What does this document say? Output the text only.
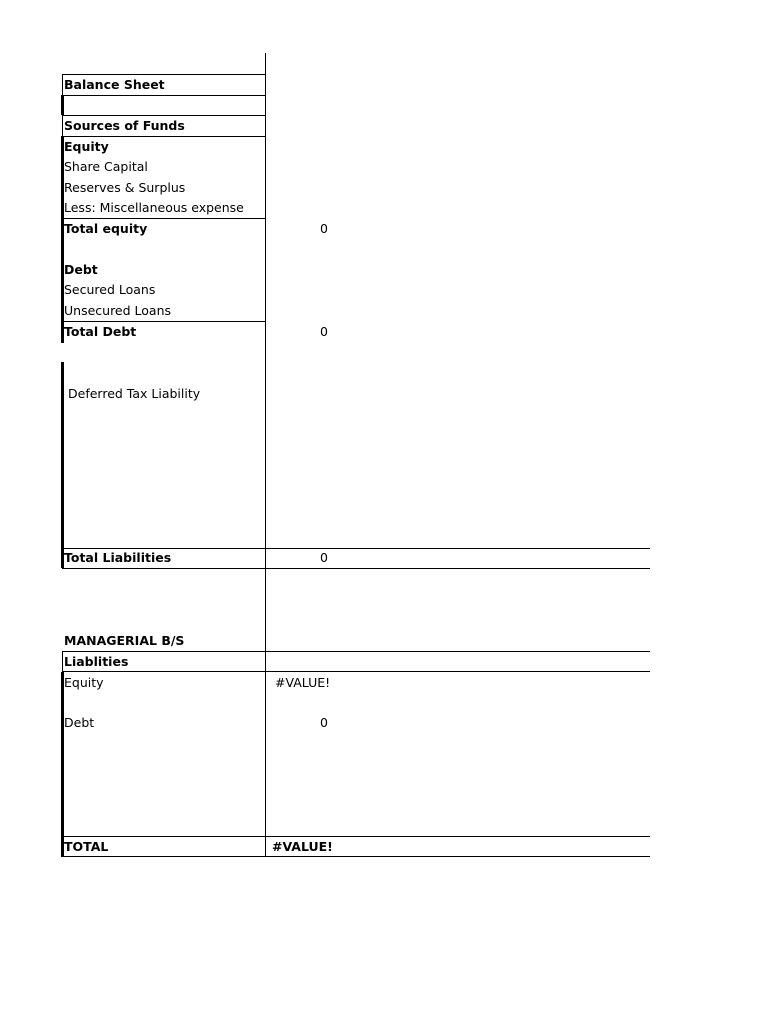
Balance Sheet
Sources of Funds
Equity
Share Capital
Reserves & Surplus
Less: Miscellaneous expense
Total equity	0
Debt
Secured Loans
Unsecured Loans
Total Debt	0
Deferred Tax Liability
Total Liabilities	0
MANAGERIAL B/S
Liablities
Equity	#VALUE!
Debt	0
TOTAL	#VALUE!
